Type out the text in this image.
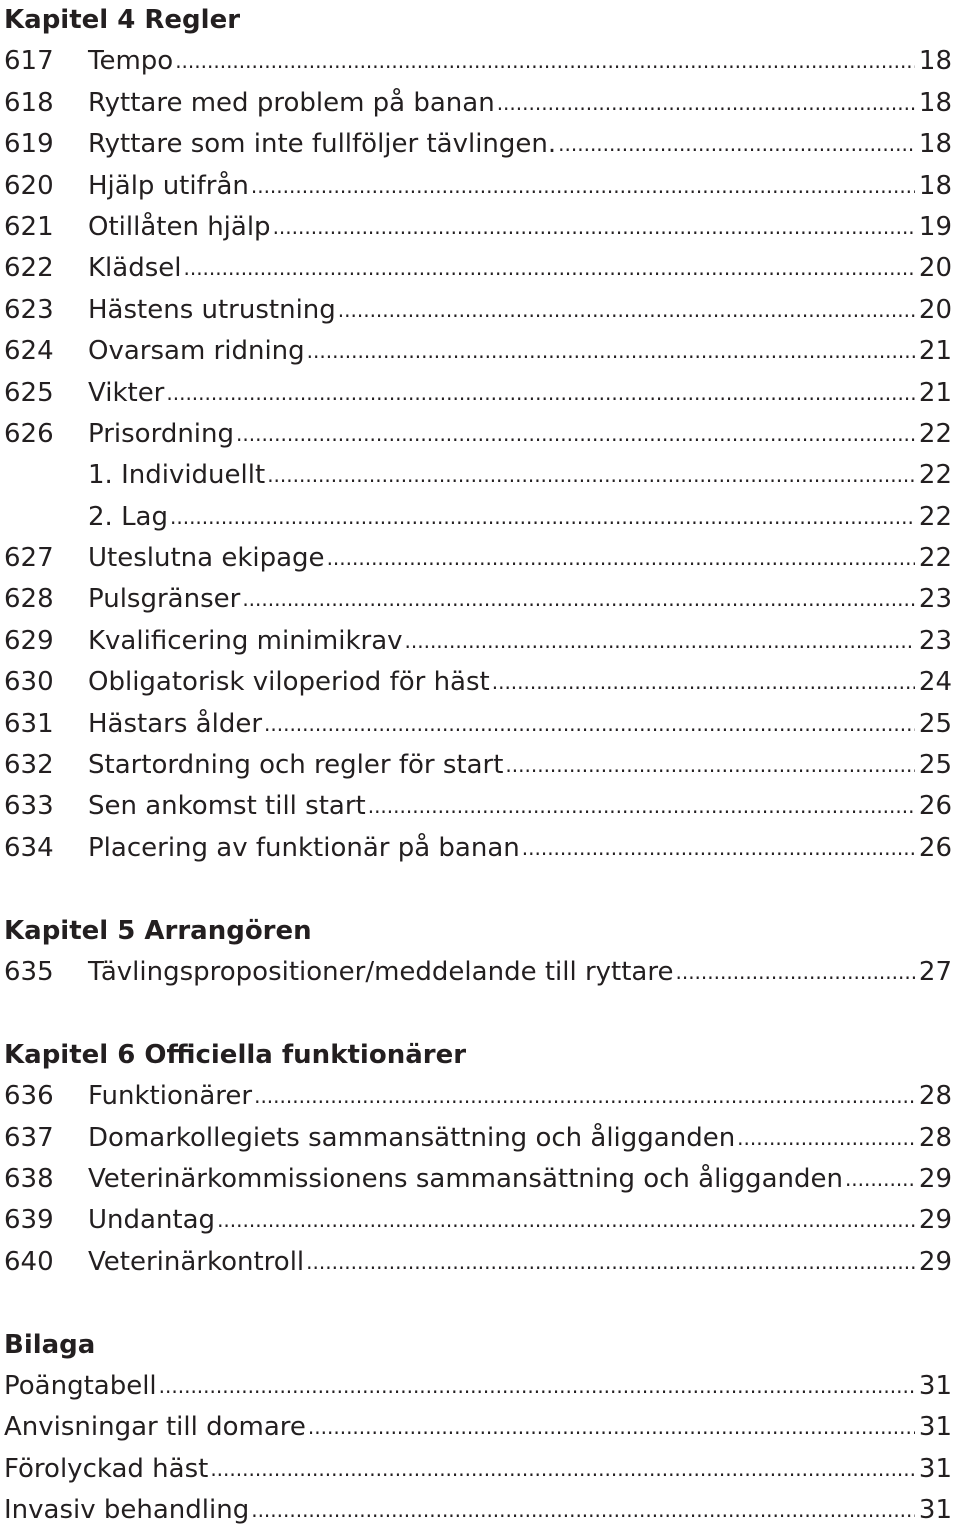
Kapitel 4 Regler
617 Tempo .....	18
618 Ryttare med problem på banan .....	18
619 Ryttare som inte fullföljer tävlingen. .....	18
620 Hjälp utifrån .....	18
621 Otillåten hjälp .....	19
622 Klädsel .....	20
623 Hästens utrustning .....	20
624 Ovarsam ridning .....	21
625 Vikter .....	21
626 Prisordning .....	22
1. Individuellt .....	22
2. Lag .....	22
627 Uteslutna ekipage .....	22
628 Pulsgränser .....	23
629 Kvalificering minimikrav .....	23
630 Obligatorisk viloperiod för häst .....	24
631 Hästars ålder .....	25
632 Startordning och regler för start .....	25
633 Sen ankomst till start .....	26
634 Placering av funktionär på banan .....	26
Kapitel 5 Arrangören
635 Tävlingspropositioner/meddelande till ryttare .....	27
Kapitel 6 Officiella funktionärer
636 Funktionärer .....	28
637 Domarkollegiets sammansättning och åligganden .....	28
638 Veterinärkommissionens sammansättning och åligganden .....	29
639 Undantag .....	29
640 Veterinärkontroll .....	29
Bilaga
Poängtabell .....	31
Anvisningar till domare .....	31
Förolyckad häst .....	31
Invasiv behandling .....	31
